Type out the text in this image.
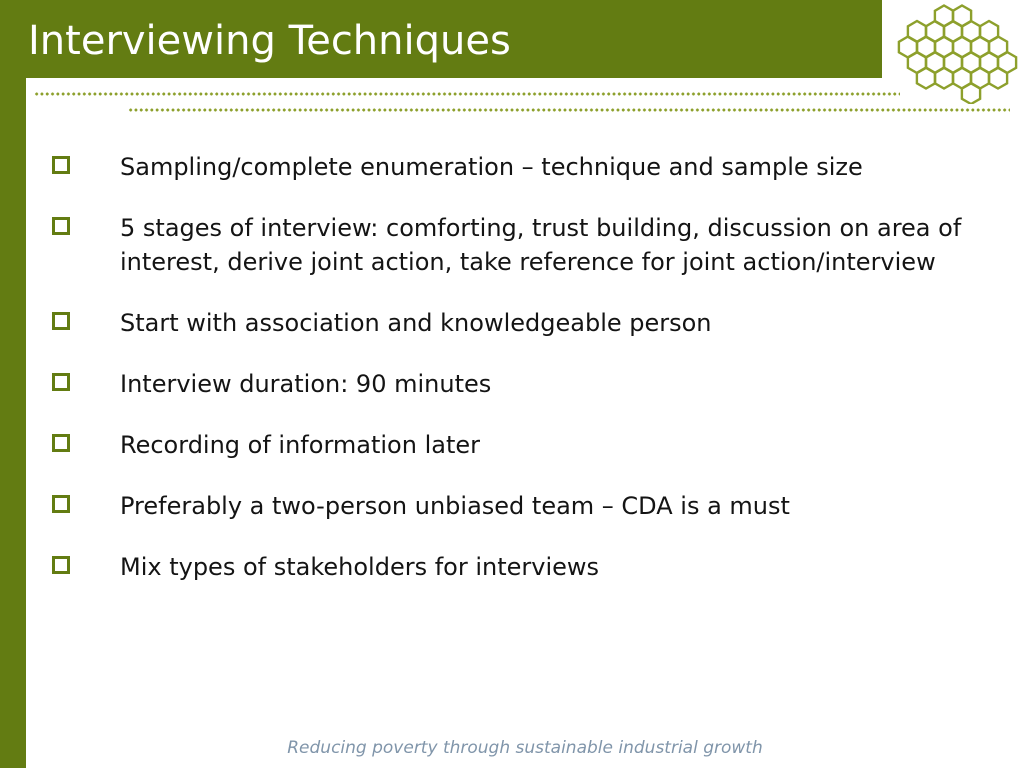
Interviewing Techniques
Sampling/complete enumeration – technique and sample size
5 stages of interview: comforting, trust building, discussion on area of interest, derive joint action, take reference for joint action/interview
Start with association and knowledgeable person
Interview duration: 90 minutes
Recording of information later
Preferably a two-person unbiased team – CDA is a must
Mix types of stakeholders for interviews
Reducing poverty through sustainable industrial growth
